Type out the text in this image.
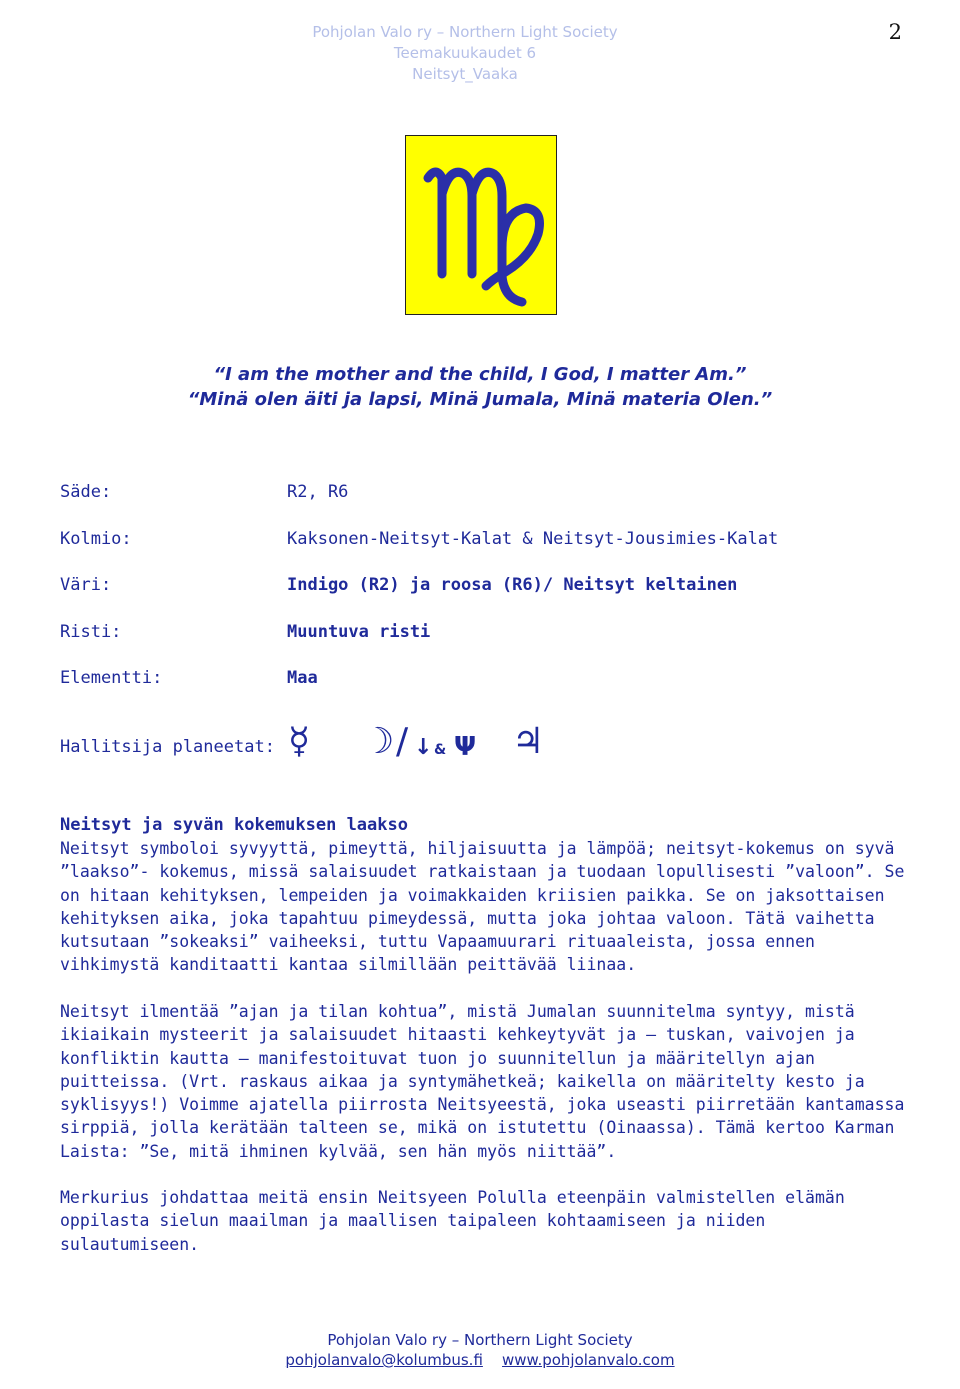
Pohjolan Valo ry – Northern Light Society
Teemakuukaudet 6
Neitsyt_Vaaka
2
“I am the mother and the child, I God, I matter Am.”
“Minä olen äiti ja lapsi, Minä Jumala, Minä materia Olen.”
Säde:	R2, R6
Kolmio:	Kaksonen-Neitsyt-Kalat & Neitsyt-Jousimies-Kalat
Väri:	Indigo (R2) ja roosa (R6)/ Neitsyt keltainen
Risti:	Muuntuva risti
Elementti:	Maa
Hallitsija planeetat: ☿ ☽ / ↓ & Ψ ♃
Neitsyt ja syvän kokemuksen laakso

Neitsyt symboloi syvyyttä, pimeyttä, hiljaisuutta ja lämpöä; neitsyt-kokemus on syvä ”laakso”- kokemus, missä salaisuudet ratkaistaan ja tuodaan lopullisesti ”valoon”. Se on hitaan kehityksen, lempeiden ja voimakkaiden kriisien paikka. Se on jaksottaisen kehityksen aika, joka tapahtuu pimeydessä, mutta joka johtaa valoon. Tätä vaihetta kutsutaan ”sokeaksi” vaiheeksi, tuttu Vapaamuurari rituaaleista, jossa ennen vihkimystä kanditaatti kantaa silmillään peittävää liinaa.

Neitsyt ilmentää ”ajan ja tilan kohtua”, mistä Jumalan suunnitelma syntyy, mistä ikiaikain mysteerit ja salaisuudet hitaasti kehkeytyvät ja – tuskan, vaivojen ja konfliktin kautta – manifestoituvat tuon jo suunnitellun ja määritellyn ajan puitteissa. (Vrt. raskaus aikaa ja syntymähetkeä; kaikella on määritelty kesto ja syklisyys!) Voimme ajatella piirrosta Neitsyeestä, joka useasti piirretään kantamassa sirppiä, jolla kerätään talteen se, mikä on istutettu (Oinaassa). Tämä kertoo Karman Laista: ”Se, mitä ihminen kylvää, sen hän myös niittää”.

Merkurius johdattaa meitä ensin Neitsyeen Polulla eteenpäin valmistellen elämän oppilasta sielun maailman ja maallisen taipaleen kohtaamiseen ja niiden sulautumiseen.

Pohjolan Valo ry – Northern Light Society
pohjolanvalo@kolumbus.fi www.pohjolanvalo.com
